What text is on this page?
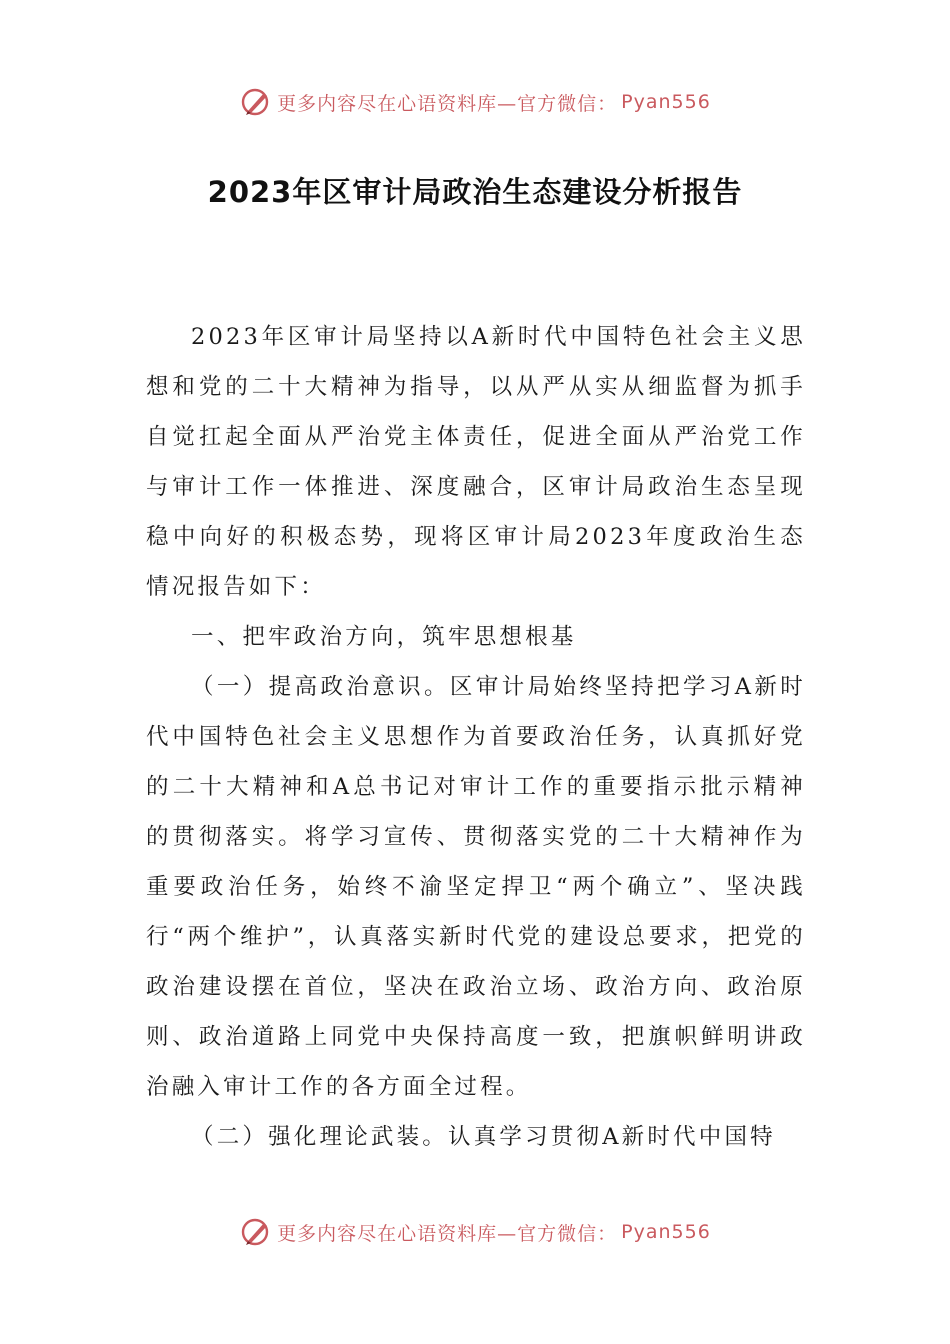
更多内容尽在心语资料库—官方微信： Pyan556
2023年区审计局政治生态建设分析报告

2023年区审计局坚持以A新时代中国特色社会主义思想和党的二十大精神为指导，以从严从实从细监督为抓手自觉扛起全面从严治党主体责任，促进全面从严治党工作与审计工作一体推进、深度融合，区审计局政治生态呈现稳中向好的积极态势，现将区审计局2023年度政治生态情况报告如下：

一、把牢政治方向，筑牢思想根基

（一）提高政治意识。区审计局始终坚持把学习A新时代中国特色社会主义思想作为首要政治任务，认真抓好党的二十大精神和A总书记对审计工作的重要指示批示精神的贯彻落实。将学习宣传、贯彻落实党的二十大精神作为重要政治任务，始终不渝坚定捍卫“两个确立”、坚决践行“两个维护”，认真落实新时代党的建设总要求，把党的政治建设摆在首位，坚决在政治立场、政治方向、政治原则、政治道路上同党中央保持高度一致，把旗帜鲜明讲政治融入审计工作的各方面全过程。

（二）强化理论武装。认真学习贯彻A新时代中国特

更多内容尽在心语资料库—官方微信： Pyan556
